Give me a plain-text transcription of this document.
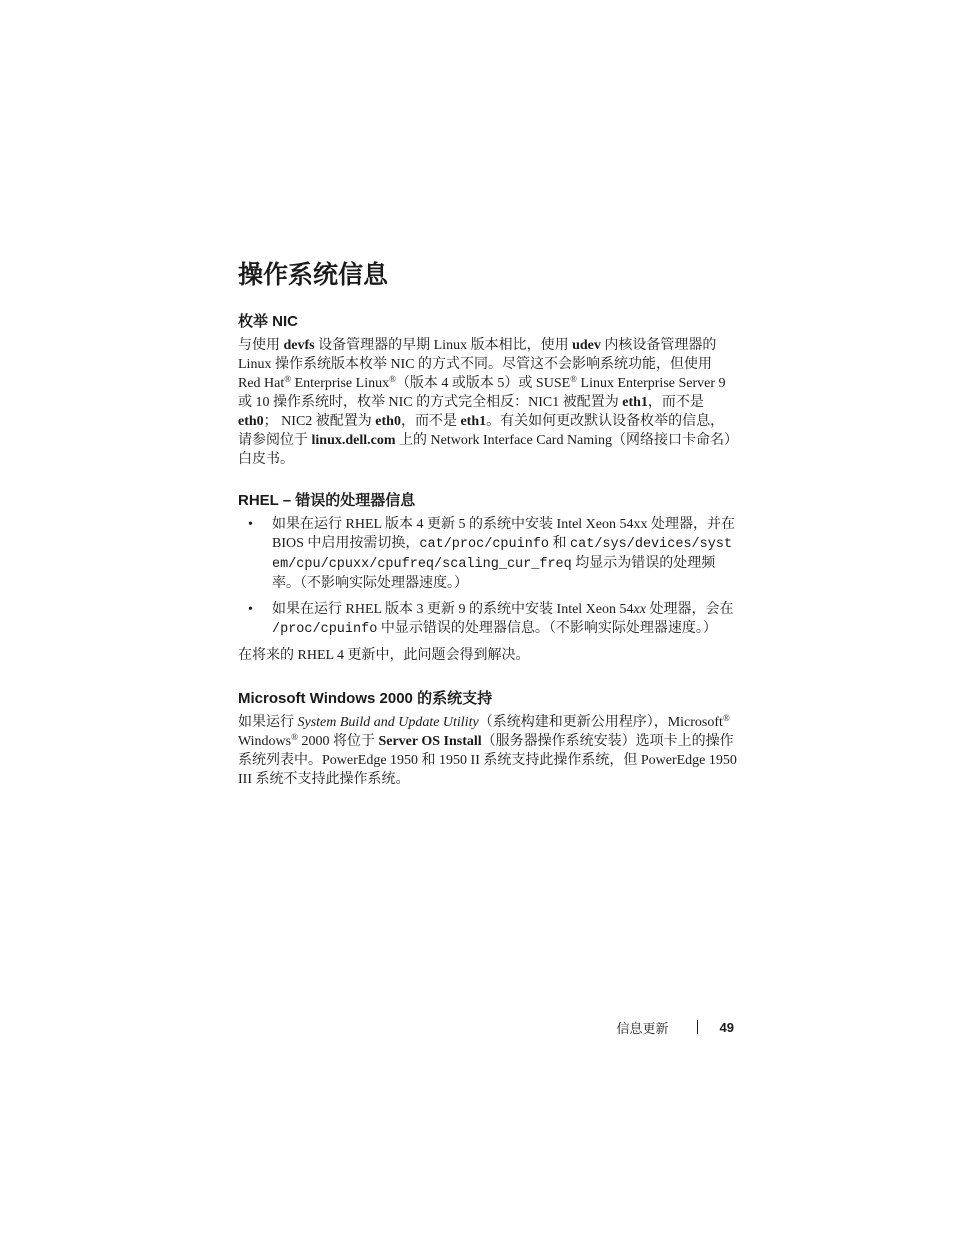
操作系统信息
枚举 NIC

与使用 devfs 设备管理器的早期 Linux 版本相比，使用 udev 内核设备管理器的 Linux 操作系统版本枚举 NIC 的方式不同。尽管这不会影响系统功能，但使用 Red Hat® Enterprise Linux®（版本 4 或版本 5）或 SUSE® Linux Enterprise Server 9 或 10 操作系统时，枚举 NIC 的方式完全相反：NIC1 被配置为 eth1，而不是 eth0； NIC2 被配置为 eth0，而不是 eth1。有关如何更改默认设备枚举的信息，请参阅位于 linux.dell.com 上的 Network Interface Card Naming（网络接口卡命名）白皮书。

RHEL – 错误的处理器信息
• 如果在运行 RHEL 版本 4 更新 5 的系统中安装 Intel Xeon 54xx 处理器，并在 BIOS 中启用按需切换，cat/proc/cpuinfo 和 cat/sys/devices/system/cpu/cpuxx/cpufreq/scaling_cur_freq 均显示为错误的处理频率。（不影响实际处理器速度。）
• 如果在运行 RHEL 版本 3 更新 9 的系统中安装 Intel Xeon 54xx 处理器，会在 /proc/cpuinfo 中显示错误的处理器信息。（不影响实际处理器速度。）

在将来的 RHEL 4 更新中，此问题会得到解决。

Microsoft Windows 2000 的系统支持

如果运行 System Build and Update Utility（系统构建和更新公用程序），Microsoft® Windows® 2000 将位于 Server OS Install（服务器操作系统安装）选项卡上的操作系统列表中。PowerEdge 1950 和 1950 II 系统支持此操作系统，但 PowerEdge 1950 III 系统不支持此操作系统。

信息更新	49
